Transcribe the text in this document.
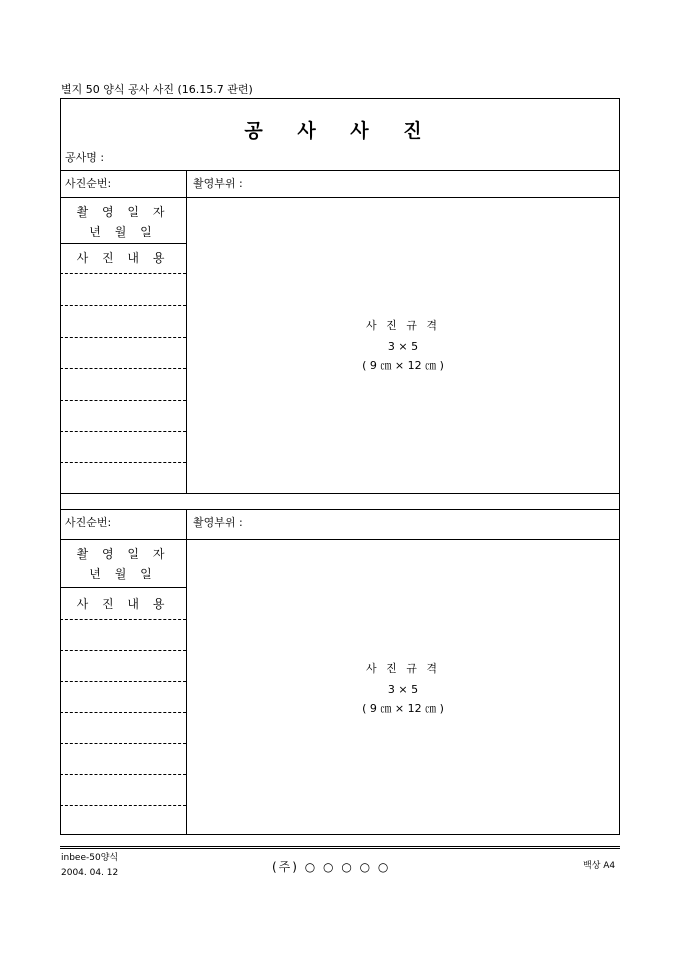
별지 50 양식 공사 사진 (16.15.7 관련)
공 사 사 진
공사명 :
사진순번:	촬영부위 :
촬 영 일 자
년 월 일
사 진 내 용
사 진 규 격
3 × 5
( 9 ㎝ × 12 ㎝ )
사진순번:	촬영부위 :
촬 영 일 자
년 월 일
사 진 내 용
사 진 규 격
3 × 5
( 9 ㎝ × 12 ㎝ )
inbee-50양식
2004. 04. 12	(주) ○ ○ ○ ○ ○	백상 A4
